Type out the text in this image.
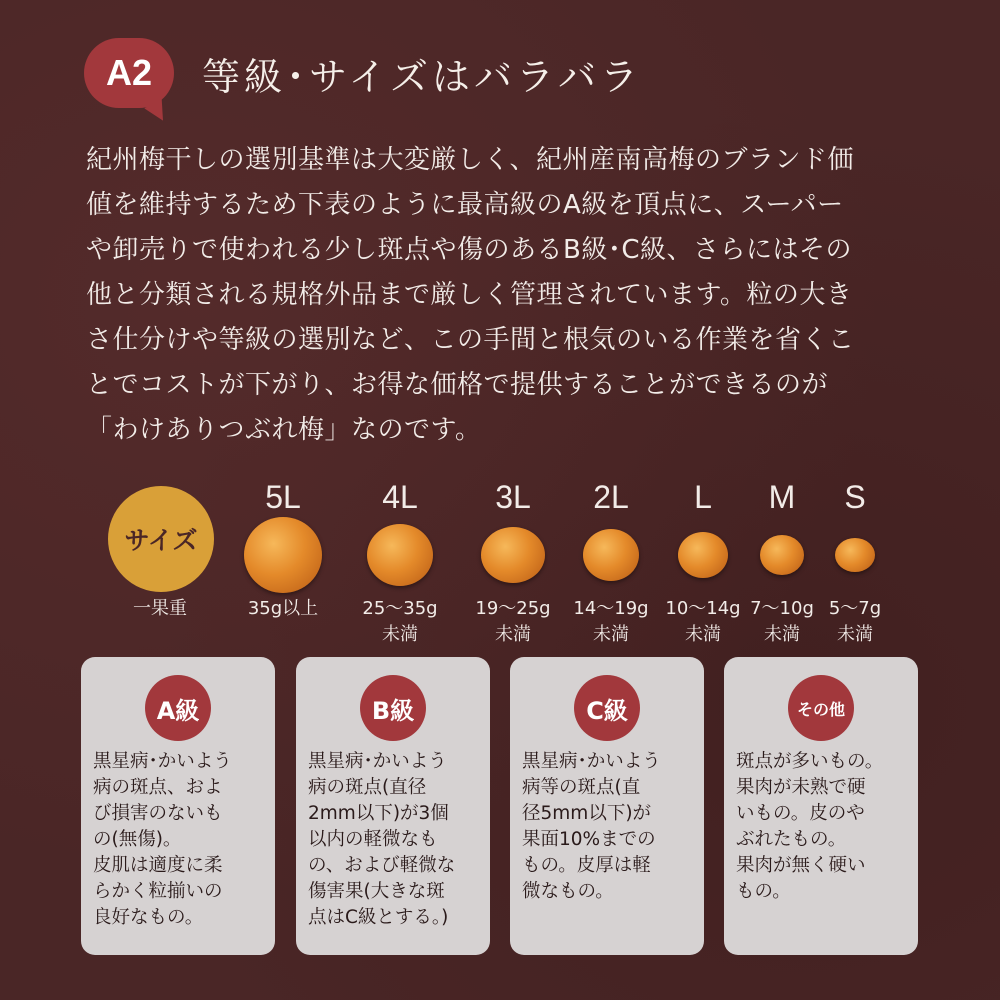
A2	等級･サイズはバラバラ
紀州梅干しの選別基準は大変厳しく、紀州産南高梅のブランド価
値を維持するため下表のように最高級のA級を頂点に、スーパー
や卸売りで使われる少し斑点や傷のあるB級･C級、さらにはその
他と分類される規格外品まで厳しく管理されています。粒の大き
さ仕分けや等級の選別など、この手間と根気のいる作業を省くこ
とでコストが下がり、お得な価格で提供することができるのが
「わけありつぶれ梅」なのです。
サイズ
一果重
5L
35g以上
4L
25～35g
未満
3L
19～25g
未満
2L
14～19g
未満
L
10～14g
未満
M
7～10g
未満
S
5～7g
未満
A級
黒星病･かいよう
病の斑点、およ
び損害のないも
の(無傷)。
皮肌は適度に柔
らかく粒揃いの
良好なもの。
B級
黒星病･かいよう
病の斑点(直径
2mm以下)が3個
以内の軽微なも
の、および軽微な
傷害果(大きな斑
点はC級とする。)
C級
黒星病･かいよう
病等の斑点(直
径5mm以下)が
果面10%までの
もの。皮厚は軽
微なもの。
その他
斑点が多いもの。
果肉が未熟で硬
いもの。皮のや
ぶれたもの。
果肉が無く硬い
もの。
